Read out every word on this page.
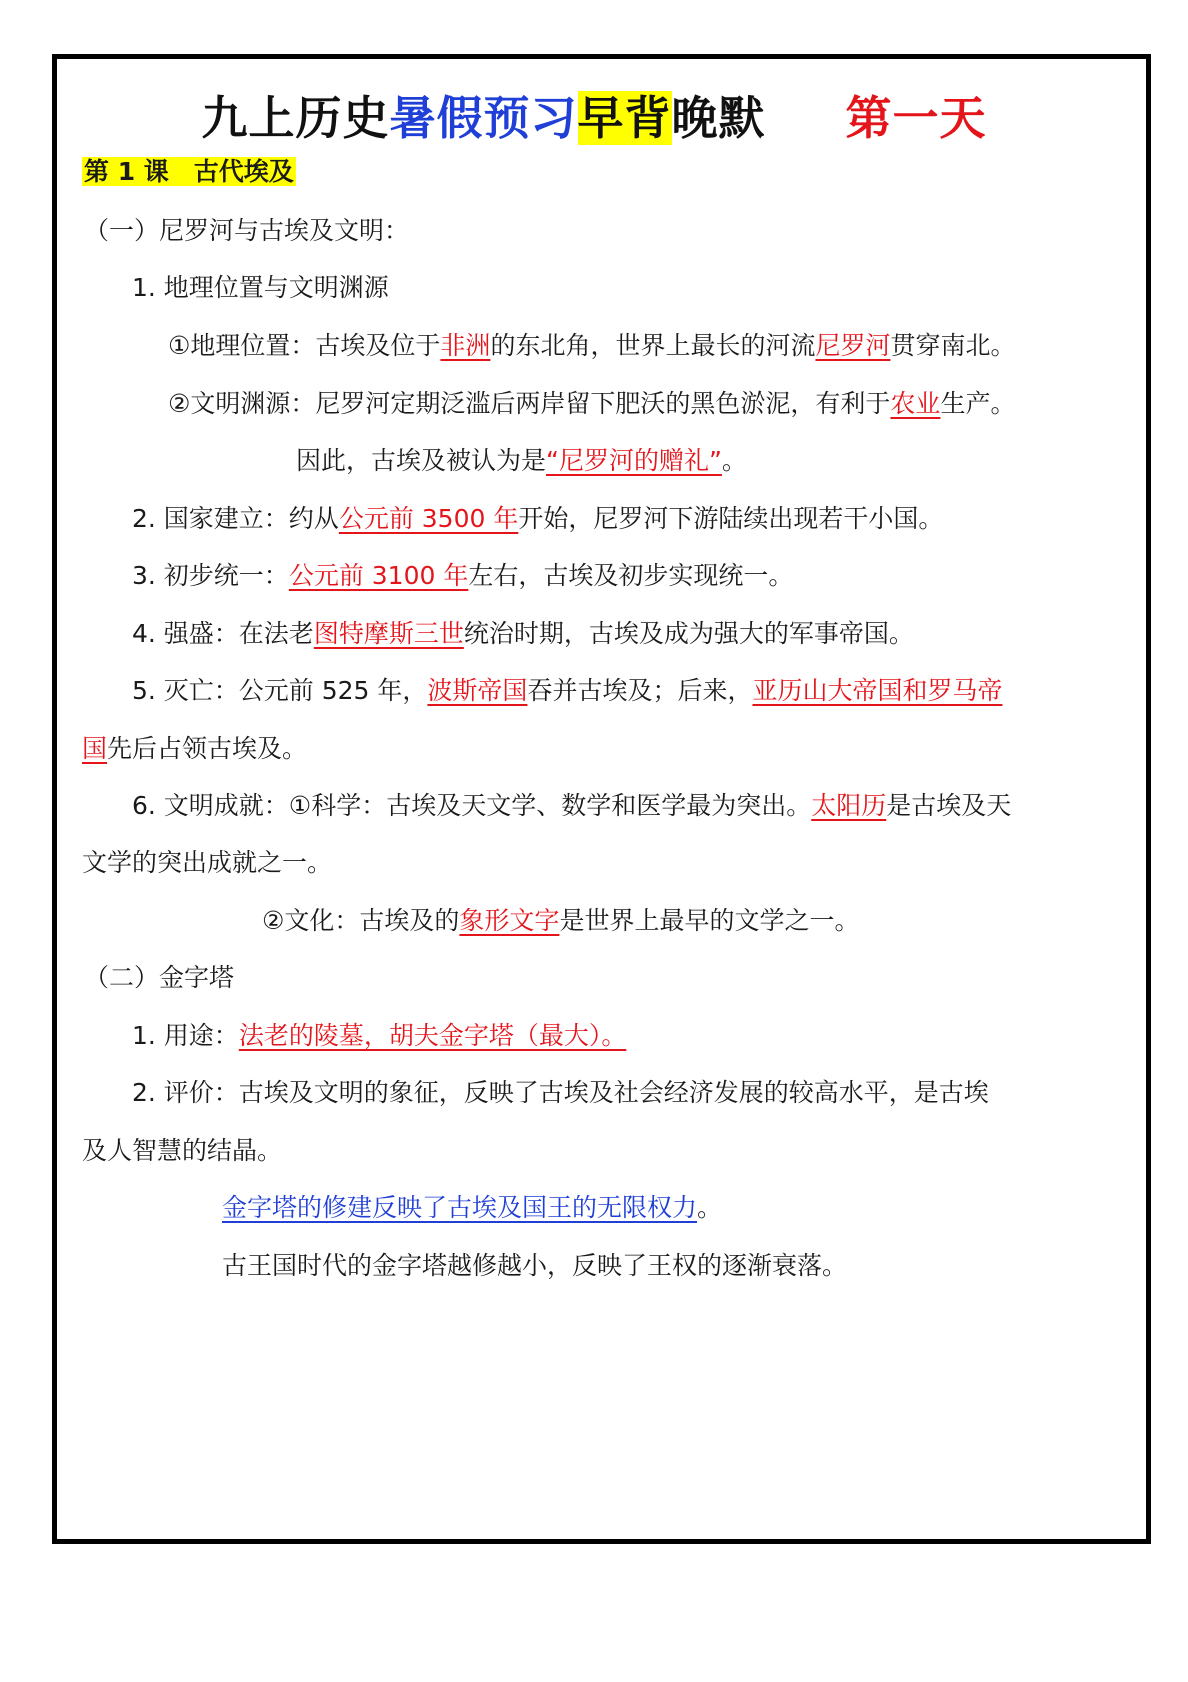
九上历史暑假预习早背晚默 第一天
第 1 课　古代埃及
（一）尼罗河与古埃及文明：
1. 地理位置与文明渊源
①地理位置：古埃及位于非洲的东北角，世界上最长的河流尼罗河贯穿南北。
②文明渊源：尼罗河定期泛滥后两岸留下肥沃的黑色淤泥，有利于农业生产。
因此，古埃及被认为是“尼罗河的赠礼”。
2. 国家建立：约从公元前 3500 年开始，尼罗河下游陆续出现若干小国。
3. 初步统一：公元前 3100 年左右，古埃及初步实现统一。
4. 强盛：在法老图特摩斯三世统治时期，古埃及成为强大的军事帝国。
5. 灭亡：公元前 525 年，波斯帝国吞并古埃及；后来，亚历山大帝国和罗马帝
国先后占领古埃及。
6. 文明成就：①科学：古埃及天文学、数学和医学最为突出。太阳历是古埃及天
文学的突出成就之一。
②文化：古埃及的象形文字是世界上最早的文学之一。
（二）金字塔
1. 用途：法老的陵墓，胡夫金字塔（最大）。
2. 评价：古埃及文明的象征，反映了古埃及社会经济发展的较高水平，是古埃
及人智慧的结晶。
金字塔的修建反映了古埃及国王的无限权力。
古王国时代的金字塔越修越小，反映了王权的逐渐衰落。
